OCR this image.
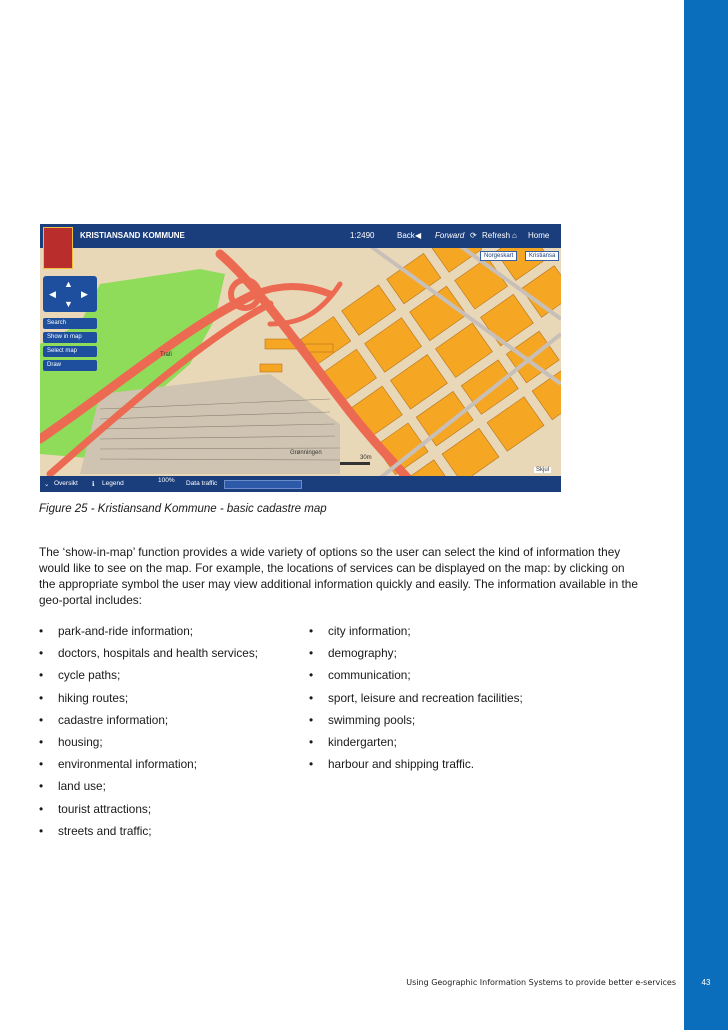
KRISTIANSAND KOMMUNE	1:2490	Back ◀ Forward ⟳ Refresh ⌂ Home
Norgeskart	Kristiansa
▲
▼
◀	▶
Search
Show in map
Select map
Draw
Trafi
Grønningen
30m
Skjul
⌄ Oversikt ℹ Legend	100% Data traffic
Figure 25 - Kristiansand Kommune - basic cadastre map

The ‘show-in-map’ function provides a wide variety of options so the user can select the kind of information they would like to see on the map. For example, the locations of services can be displayed on the map: by clicking on the appropriate symbol the user may view additional information quickly and easily. The information available in the geo-portal includes:

• park-and-ride information;
• doctors, hospitals and health services;
• cycle paths;
• hiking routes;
• cadastre information;
• housing;
• environmental information;
• land use;
• tourist attractions;
• streets and traffic;
• city information;
• demography;
• communication;
• sport, leisure and recreation facilities;
• swimming pools;
• kindergarten;
• harbour and shipping traffic.
Using Geographic Information Systems to provide better e-services	43
